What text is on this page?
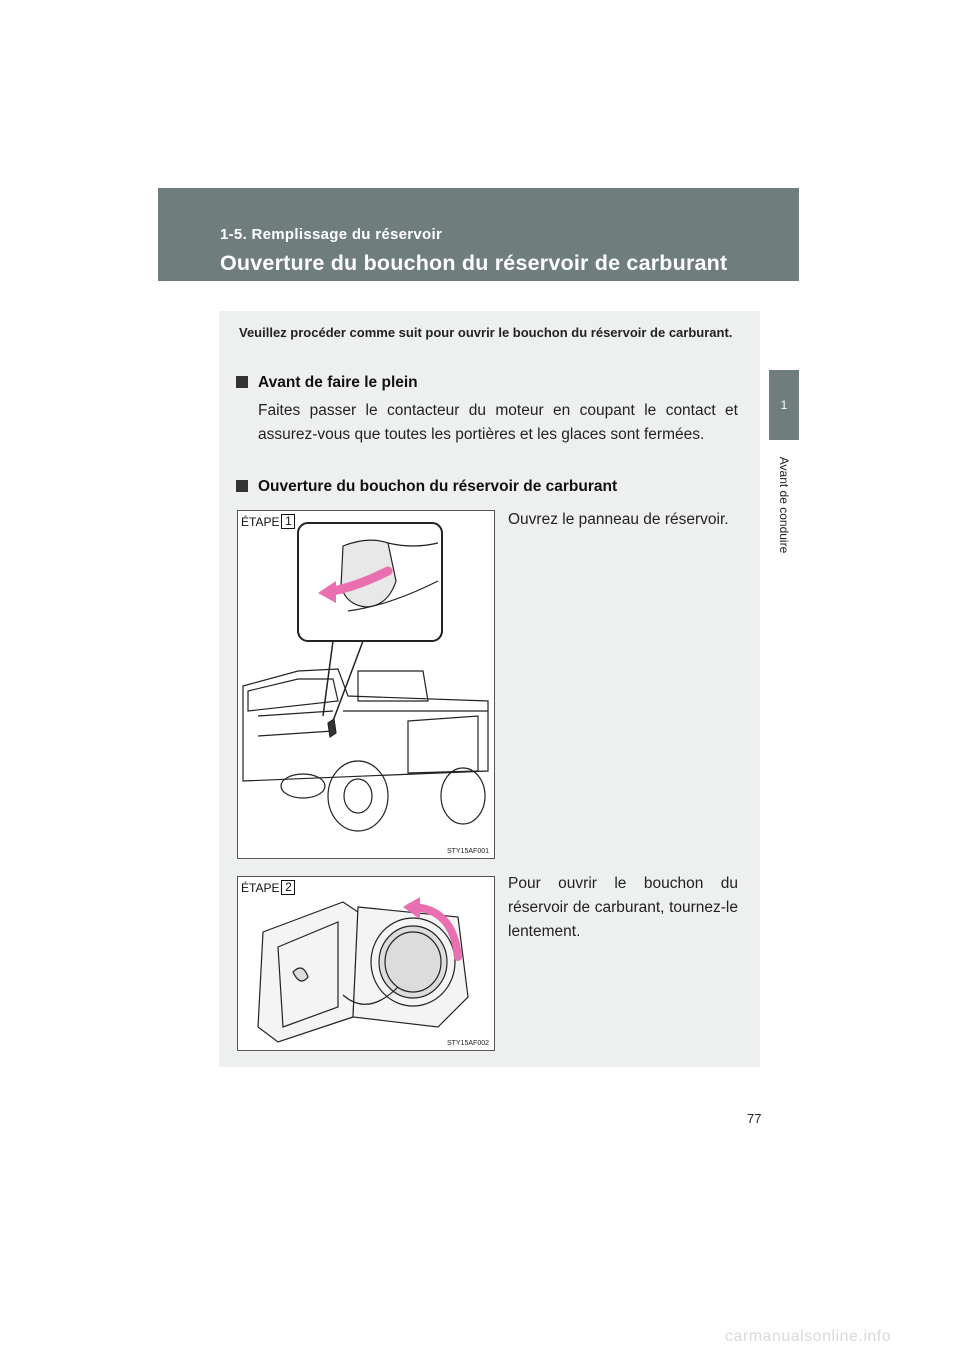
1-5. Remplissage du réservoir
Ouverture du bouchon du réservoir de carburant
1
Avant de conduire
Veuillez procéder comme suit pour ouvrir le bouchon du réservoir de carburant.
Avant de faire le plein
Faites passer le contacteur du moteur en coupant le contact et assurez-vous que toutes les portières et les glaces sont fermées.
Ouverture du bouchon du réservoir de carburant
ÉTAPE 1
STY15AF001
Ouvrez le panneau de réservoir.
ÉTAPE 2
STY15AF002
Pour ouvrir le bouchon du réservoir de carburant, tournez-le lentement.
77
carmanualsonline.info
